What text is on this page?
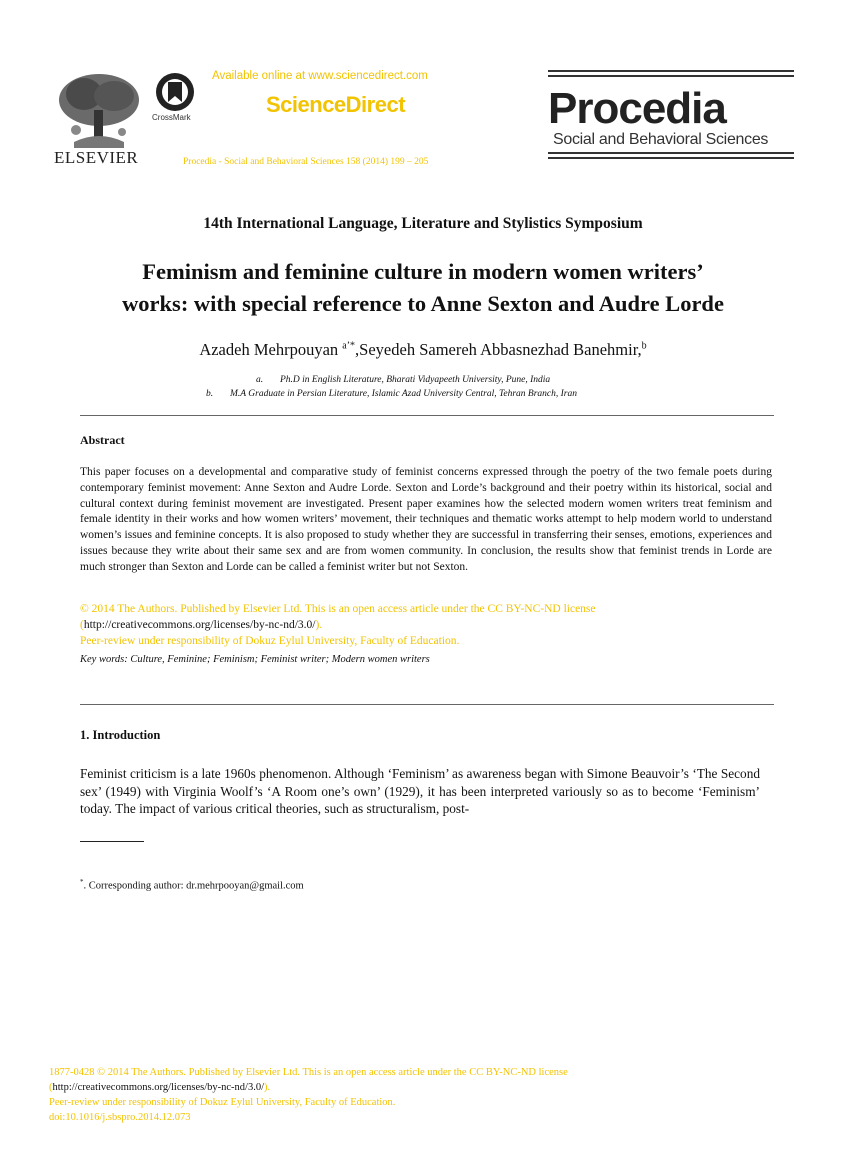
ELSEVIER
CrossMark
Available online at www.sciencedirect.com
ScienceDirect
Procedia - Social and Behavioral Sciences 158 (2014) 199 – 205
Procedia
Social and Behavioral Sciences
14th International Language, Literature and Stylistics Symposium
Feminism and feminine culture in modern women writers’
works: with special reference to Anne Sexton and Audre Lorde
Azadeh Mehrpouyan $^{a’*}$,Seyedeh Samereh Abbasnezhad Banehmir,$^b$
a. Ph.D in English Literature, Bharati Vidyapeeth University, Pune, India
b. M.A Graduate in Persian Literature, Islamic Azad University Central, Tehran Branch, Iran
Abstract
This paper focuses on a developmental and comparative study of feminist concerns expressed through the poetry of the two female poets during contemporary feminist movement: Anne Sexton and Audre Lorde. Sexton and Lorde’s background and their poetry within its historical, social and cultural context during feminist movement are investigated. Present paper examines how the selected modern women writers treat feminism and female identity in their works and how women writers’ movement, their techniques and thematic works attempt to help modern world to understand women’s issues and feminine concepts. It is also proposed to study whether they are successful in transferring their senses, emotions, experiences and issues because they write about their same sex and are from women community. In conclusion, the results show that feminist trends in Lorde are much stronger than Sexton and Lorde can be called a feminist writer but not Sexton.
© 2014 The Authors. Published by Elsevier Ltd. This is an open access article under the CC BY-NC-ND license
(http://creativecommons.org/licenses/by-nc-nd/3.0/).
Peer-review under responsibility of Dokuz Eylul University, Faculty of Education.
Key words: Culture, Feminine; Feminism; Feminist writer; Modern women writers
1. Introduction
Feminist criticism is a late 1960s phenomenon. Although ‘Feminism’ as awareness began with Simone Beauvoir’s ‘The Second sex’ (1949) with Virginia Woolf’s ‘A Room one’s own’ (1929), it has been interpreted variously so as to become ‘Feminism’ today. The impact of various critical theories, such as structuralism, post-
*. Corresponding author: dr.mehrpooyan@gmail.com
1877-0428 © 2014 The Authors. Published by Elsevier Ltd. This is an open access article under the CC BY-NC-ND license
(http://creativecommons.org/licenses/by-nc-nd/3.0/).
Peer-review under responsibility of Dokuz Eylul University, Faculty of Education.
doi:10.1016/j.sbspro.2014.12.073
